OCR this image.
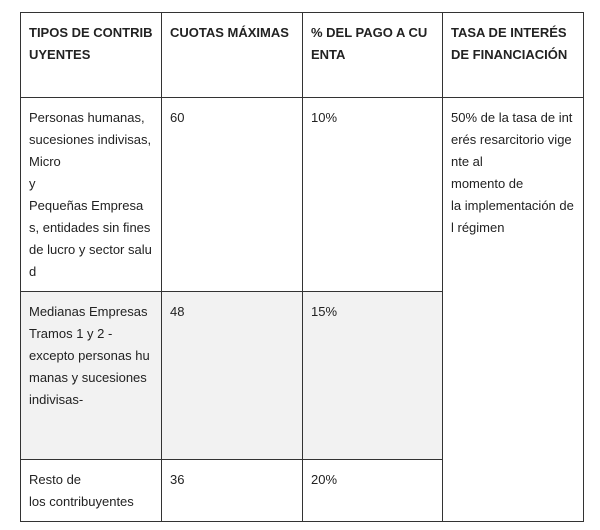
TIPOS DE CONTRIBUYENTES	CUOTAS MÁXIMAS	% DEL PAGO A CUENTA	TASA DE INTERÉS DE FINANCIACIÓN

Personas humanas, sucesiones indivisas, Micro
y
Pequeñas Empresas, entidades sin fines de lucro y sector salud	60	10%	50% de la tasa de interés resarcitorio vigente al
momento de
la implementación del régimen

Medianas Empresas Tramos 1 y 2 -
excepto personas humanas y sucesiones indivisas-	48	15%	

Resto de
los contribuyentes	36	20%	
